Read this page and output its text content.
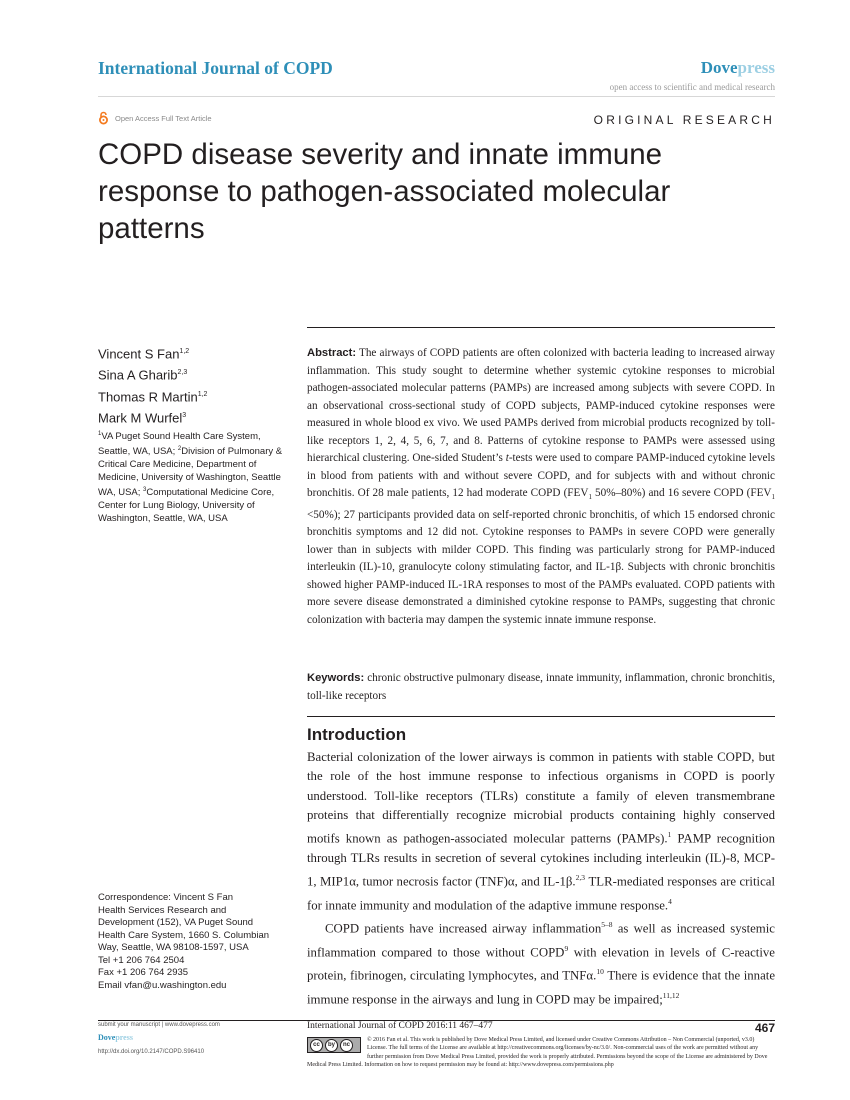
International Journal of COPD	Dovepress
open access to scientific and medical research
Open Access Full Text Article	ORIGINAL RESEARCH
COPD disease severity and innate immune response to pathogen-associated molecular patterns
Vincent S Fan$^{1,2}$
Sina A Gharib$^{2,3}$
Thomas R Martin$^{1,2}$
Mark M Wurfel$^3$
$^1$VA Puget Sound Health Care System, Seattle, WA, USA; $^2$Division of Pulmonary & Critical Care Medicine, Department of Medicine, University of Washington, Seattle WA, USA; $^3$Computational Medicine Core, Center for Lung Biology, University of Washington, Seattle, WA, USA
Correspondence: Vincent S Fan
Health Services Research and
Development (152), VA Puget Sound
Health Care System, 1660 S. Columbian
Way, Seattle, WA 98108-1597, USA
Tel +1 206 764 2504
Fax +1 206 764 2935
Email vfan@u.washington.edu
Abstract: The airways of COPD patients are often colonized with bacteria leading to increased airway inflammation. This study sought to determine whether systemic cytokine responses to microbial pathogen-associated molecular patterns (PAMPs) are increased among subjects with severe COPD. In an observational cross-sectional study of COPD subjects, PAMP-induced cytokine responses were measured in whole blood ex vivo. We used PAMPs derived from microbial products recognized by toll-like receptors 1, 2, 4, 5, 6, 7, and 8. Patterns of cytokine response to PAMPs were assessed using hierarchical clustering. One-sided Student’s t-tests were used to compare PAMP-induced cytokine levels in blood from patients with and without severe COPD, and for subjects with and without chronic bronchitis. Of 28 male patients, 12 had moderate COPD ($FEV_1$ 50%–80%) and 16 severe COPD $(FEV_1 <50\%)$; 27 participants provided data on self-reported chronic bronchitis, of which 15 endorsed chronic bronchitis symptoms and 12 did not. Cytokine responses to PAMPs in severe COPD were generally lower than in subjects with milder COPD. This finding was particularly strong for PAMP-induced interleukin (IL)-10, granulocyte colony stimulating factor, and IL-1β. Subjects with chronic bronchitis showed higher PAMP-induced IL-1RA responses to most of the PAMPs evaluated. COPD patients with more severe disease demonstrated a diminished cytokine response to PAMPs, suggesting that chronic colonization with bacteria may dampen the systemic innate immune response.
Keywords: chronic obstructive pulmonary disease, innate immunity, inflammation, chronic bronchitis, toll-like receptors
Introduction

Bacterial colonization of the lower airways is common in patients with stable COPD, but the role of the host immune response to infectious organisms in COPD is poorly understood. Toll-like receptors (TLRs) constitute a family of eleven transmembrane proteins that differentially recognize microbial products containing highly conserved motifs known as pathogen-associated molecular patterns (PAMPs).$^1$ PAMP recognition through TLRs results in secretion of several cytokines including interleukin (IL)-8, MCP-1, MIP1α, tumor necrosis factor (TNF)α, and IL-1β.$^{2,3}$ TLR-mediated responses are critical for innate immunity and modulation of the adaptive immune response.$^4$

COPD patients have increased airway inflammation$^{5-8}$ as well as increased systemic inflammation compared to those without COPD$^9$ with elevation in levels of C-reactive protein, fibrinogen, circulating lymphocytes, and TNFα.$^{10}$ There is evidence that the innate immune response in the airways and lung in COPD may be impaired;$^{11,12}$

submit your manuscript | www.dovepress.com
Dovepress
http://dx.doi.org/10.2147/COPD.S96410
International Journal of COPD 2016:11 467–477	467
cc	by	nc
© 2016 Fan et al. This work is published by Dove Medical Press Limited, and licensed under Creative Commons Attribution – Non Commercial (unported, v3.0) License. The full terms of the License are available at http://creativecommons.org/licenses/by-nc/3.0/. Non-commercial uses of the work are permitted without any further permission from Dove Medical Press Limited, provided the work is properly attributed. Permissions beyond the scope of the License are administered by Dove Medical Press Limited. Information on how to request permission may be found at: http://www.dovepress.com/permissions.php
